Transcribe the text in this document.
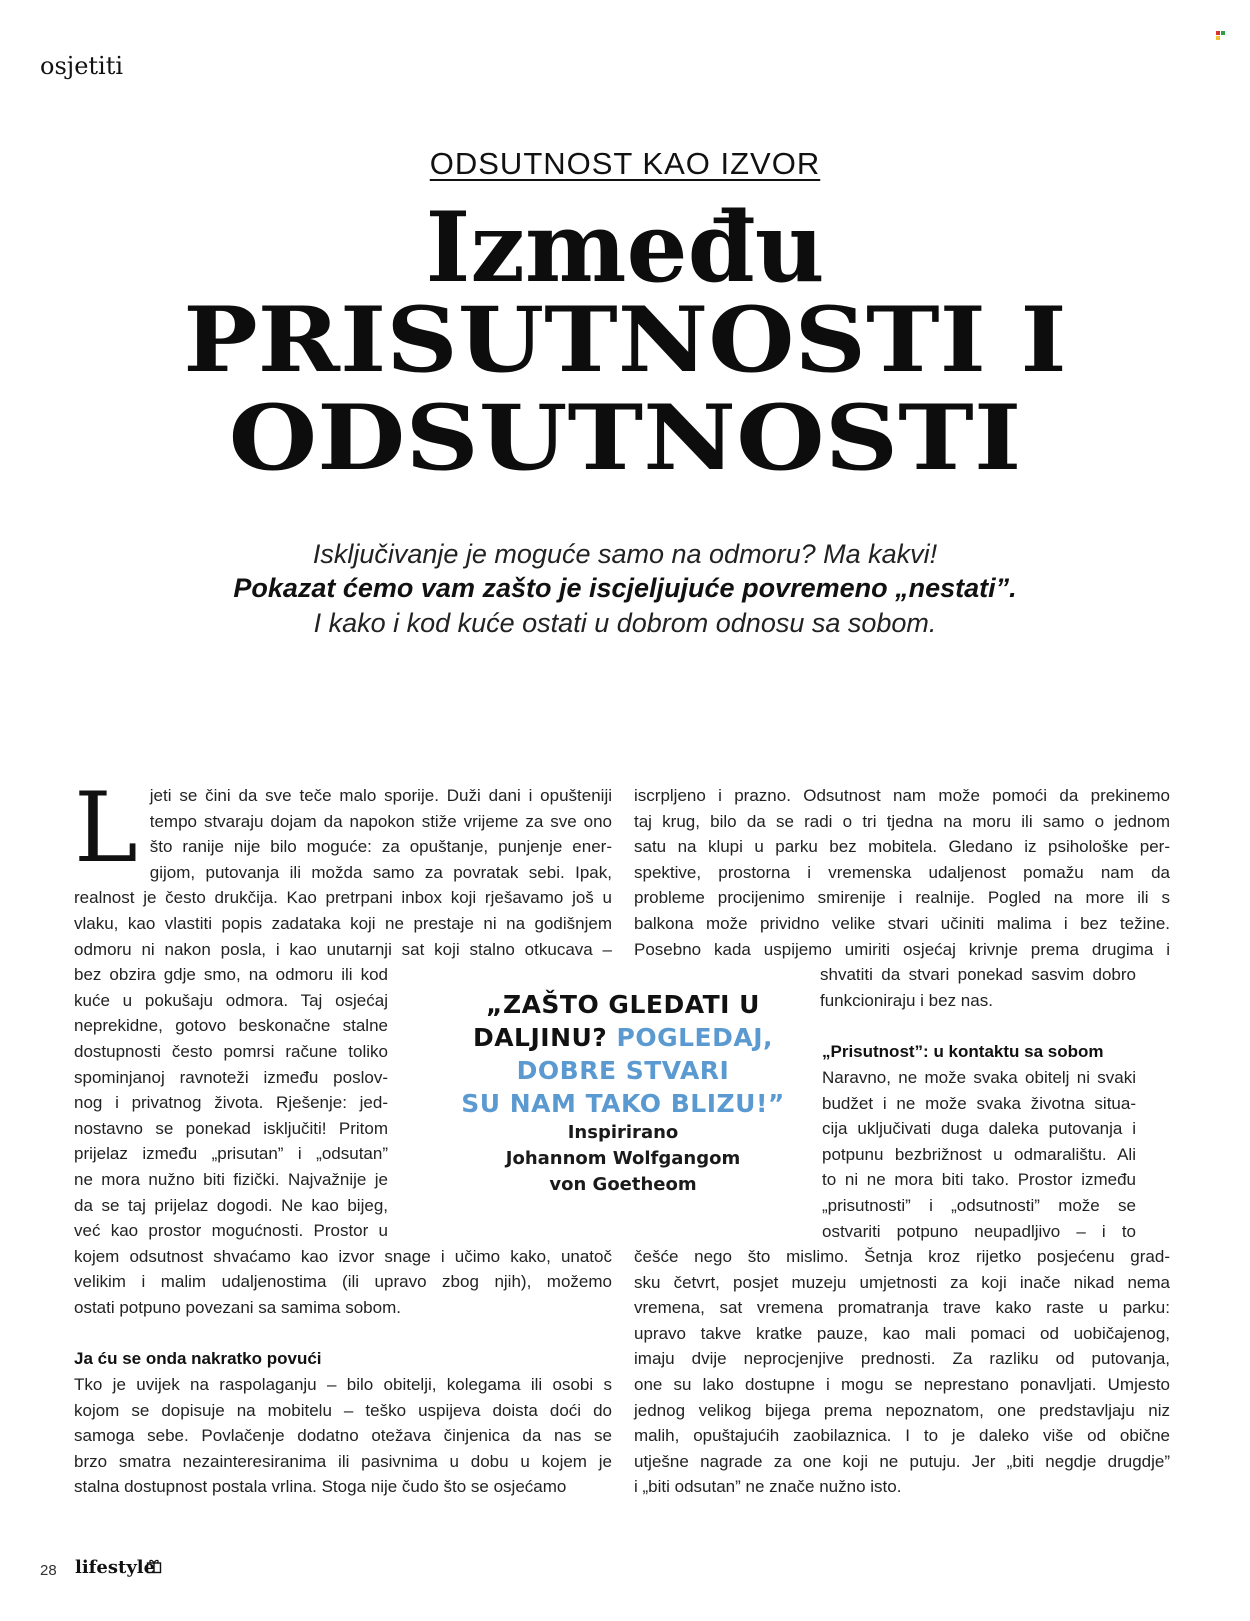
osjetiti
ODSUTNOST KAO IZVOR
Između
PRISUTNOSTI I
ODSUTNOSTI
Isključivanje je moguće samo na odmoru? Ma kakvi!
Pokazat ćemo vam zašto je iscjeljujuće povremeno „nestati”.
I kako i kod kuće ostati u dobrom odnosu sa sobom.
L jeti se čini da sve teče malo sporije. Duži dani i opušteniji
tempo stvaraju dojam da napokon stiže vrijeme za sve ono
što ranije nije bilo moguće: za opuštanje, punjenje ener-
gijom, putovanja ili možda samo za povratak sebi. Ipak,
realnost je često drukčija. Kao pretrpani inbox koji rješavamo još u
vlaku, kao vlastiti popis zadataka koji ne prestaje ni na godišnjem
odmoru ni nakon posla, i kao unutarnji sat koji stalno otkucava –
bez obzira gdje smo, na odmoru ili kod
kuće u pokušaju odmora. Taj osjećaj
neprekidne, gotovo beskonačne stalne
dostupnosti često pomrsi račune toliko
spominjanoj ravnoteži između poslov-
nog i privatnog života. Rješenje: jed-
nostavno se ponekad isključiti! Pritom
prijelaz između „prisutan” i „odsutan”
ne mora nužno biti fizički. Najvažnije je
da se taj prijelaz dogodi. Ne kao bijeg,
već kao prostor mogućnosti. Prostor u
kojem odsutnost shvaćamo kao izvor snage i učimo kako, unatoč
velikim i malim udaljenostima (ili upravo zbog njih), možemo
ostati potpuno povezani sa samima sobom.
Ja ću se onda nakratko povući
Tko je uvijek na raspolaganju – bilo obitelji, kolegama ili osobi s
kojom se dopisuje na mobitelu – teško uspijeva doista doći do
samoga sebe. Povlačenje dodatno otežava činjenica da nas se
brzo smatra nezainteresiranima ili pasivnima u dobu u kojem je
stalna dostupnost postala vrlina. Stoga nije čudo što se osjećamo
iscrpljeno i prazno. Odsutnost nam može pomoći da prekinemo
taj krug, bilo da se radi o tri tjedna na moru ili samo o jednom
satu na klupi u parku bez mobitela. Gledano iz psihološke per-
spektive, prostorna i vremenska udaljenost pomažu nam da
probleme procijenimo smirenije i realnije. Pogled na more ili s
balkona može prividno velike stvari učiniti malima i bez težine.
Posebno kada uspijemo umiriti osjećaj krivnje prema drugima i
shvatiti da stvari ponekad sasvim dobro
funkcioniraju i bez nas.
„Prisutnost”: u kontaktu sa sobom
Naravno, ne može svaka obitelj ni svaki
budžet i ne može svaka životna situa-
cija uključivati duga daleka putovanja i
potpunu bezbrižnost u odmaralištu. Ali
to ni ne mora biti tako. Prostor između
„prisutnosti” i „odsutnosti” može se
ostvariti potpuno neupadljivo – i to
češće nego što mislimo. Šetnja kroz rijetko posjećenu grad-
sku četvrt, posjet muzeju umjetnosti za koji inače nikad nema
vremena, sat vremena promatranja trave kako raste u parku:
upravo takve kratke pauze, kao mali pomaci od uobičajenog,
imaju dvije neprocjenjive prednosti. Za razliku od putovanja,
one su lako dostupne i mogu se neprestano ponavljati. Umjesto
jednog velikog bijega prema nepoznatom, one predstavljaju niz
malih, opuštajućih zaobilaznica. I to je daleko više od obične
utješne nagrade za one koji ne putuju. Jer „biti negdje drugdje”
i „biti odsutan” ne znače nužno isto.
„ZAŠTO GLEDATI U
DALJINU? POGLEDAJ,
DOBRE STVARI
SU NAM TAKO BLIZU!”
Inspirirano
Johannom Wolfgangom
von Goetheom
28 lifestyle
